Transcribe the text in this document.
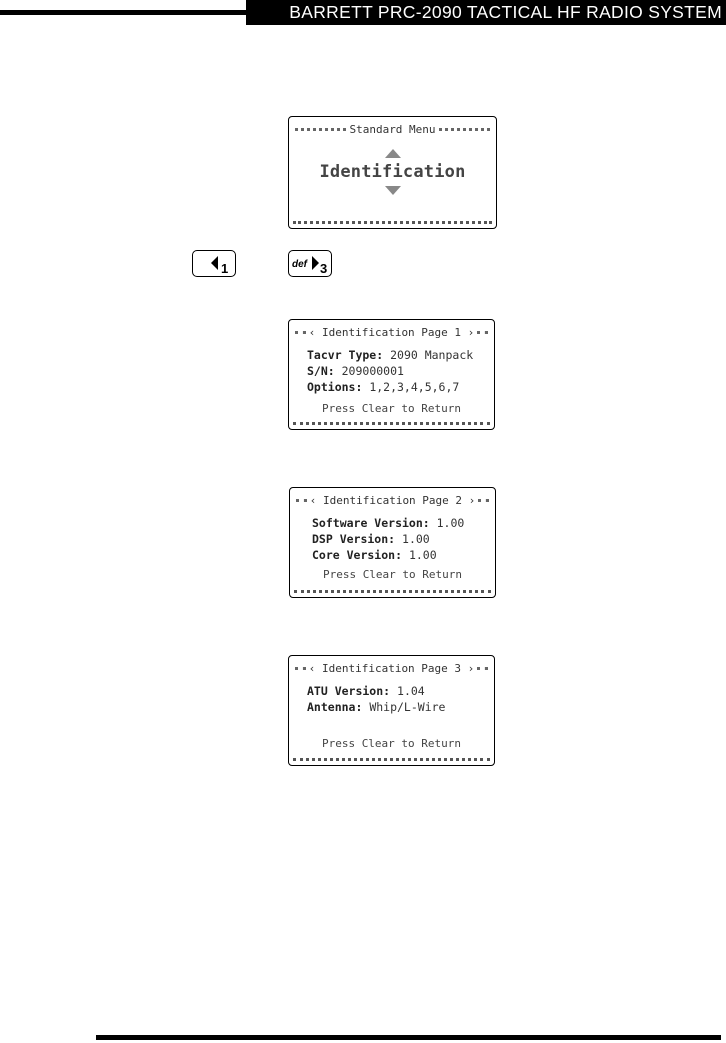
BARRETT PRC-2090 TACTICAL HF RADIO SYSTEM
Standard Menu
Identification
1	def 3
‹ Identification Page 1 ›
Tacvr Type: 2090 Manpack
S/N: 209000001
Options: 1,2,3,4,5,6,7
Press Clear to Return
‹ Identification Page 2 ›
Software Version: 1.00
DSP Version: 1.00
Core Version: 1.00
Press Clear to Return
‹ Identification Page 3 ›
ATU Version: 1.04
Antenna: Whip/L-Wire
Press Clear to Return
